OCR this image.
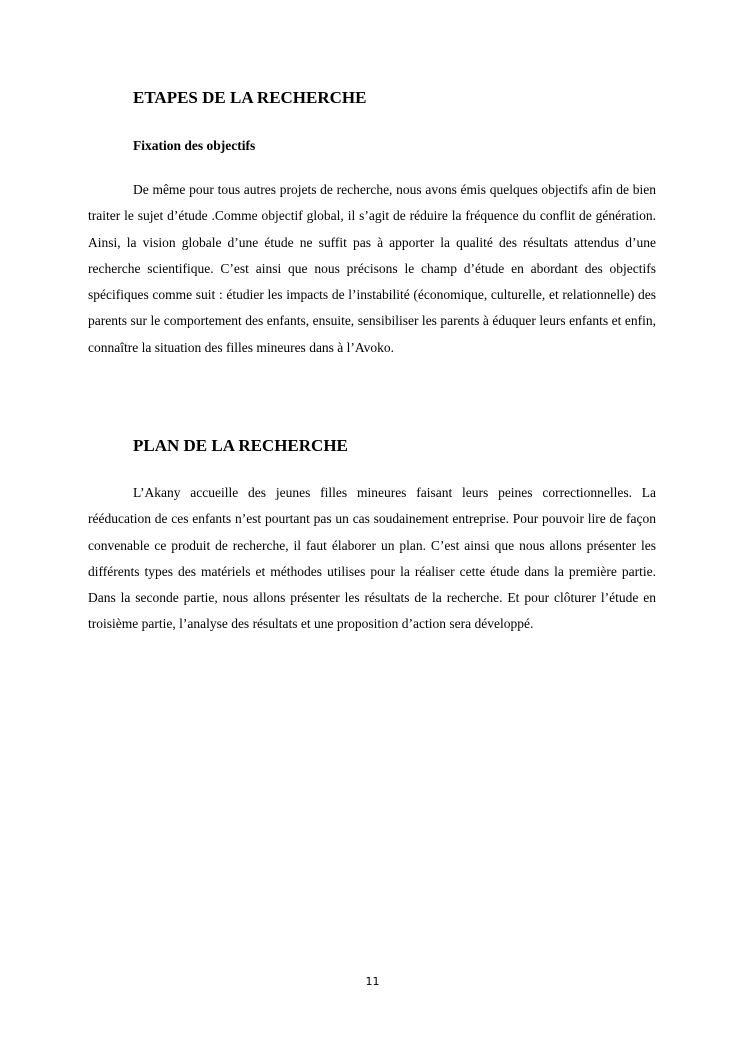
ETAPES DE LA RECHERCHE
Fixation des objectifs

De même pour tous autres projets de recherche, nous avons émis quelques objectifs afin de bien traiter le sujet d’étude .Comme objectif global, il s’agit de réduire la fréquence du conflit de génération. Ainsi, la vision globale d’une étude ne suffit pas à apporter la qualité des résultats attendus d’une recherche scientifique. C’est ainsi que nous précisons le champ d’étude en abordant des objectifs spécifiques comme suit : étudier les impacts de l’instabilité (économique, culturelle, et relationnelle) des parents sur le comportement des enfants, ensuite, sensibiliser les parents à éduquer leurs enfants et enfin, connaître la situation des filles mineures dans à l’Avoko.

PLAN DE LA RECHERCHE

L’Akany accueille des jeunes filles mineures faisant leurs peines correctionnelles. La rééducation de ces enfants n’est pourtant pas un cas soudainement entreprise. Pour pouvoir lire de façon convenable ce produit de recherche, il faut élaborer un plan. C’est ainsi que nous allons présenter les différents types des matériels et méthodes utilises pour la réaliser cette étude dans la première partie. Dans la seconde partie, nous allons présenter les résultats de la recherche. Et pour clôturer l’étude en troisième partie, l’analyse des résultats et une proposition d’action sera développé.

11
